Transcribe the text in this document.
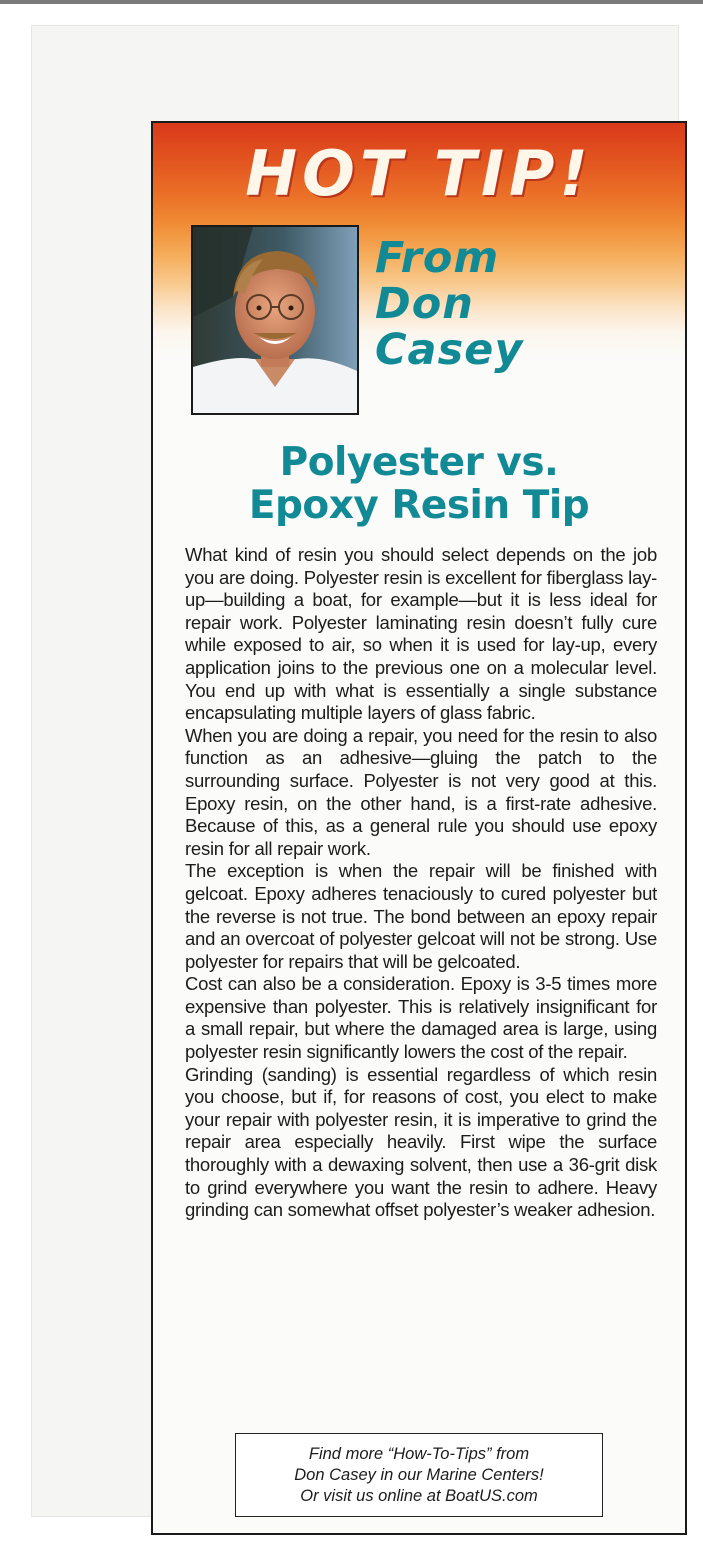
HOT TIP!
From
Don
Casey
Polyester vs.
Epoxy Resin Tip

What kind of resin you should select depends on the job you are doing. Polyester resin is excellent for fiberglass lay-up—building a boat, for example—but it is less ideal for repair work. Polyester laminating resin doesn’t fully cure while exposed to air, so when it is used for lay-up, every application joins to the previous one on a molecular level. You end up with what is essentially a single substance encapsulating multiple layers of glass fabric.

When you are doing a repair, you need for the resin to also function as an adhesive—gluing the patch to the surrounding surface. Polyester is not very good at this. Epoxy resin, on the other hand, is a first-rate adhesive. Because of this, as a general rule you should use epoxy resin for all repair work.

The exception is when the repair will be finished with gelcoat. Epoxy adheres tenaciously to cured polyester but the reverse is not true. The bond between an epoxy repair and an overcoat of polyester gelcoat will not be strong. Use polyester for repairs that will be gelcoated.

Cost can also be a consideration. Epoxy is 3-5 times more expensive than polyester. This is relatively insignificant for a small repair, but where the damaged area is large, using polyester resin significantly lowers the cost of the repair.

Grinding (sanding) is essential regardless of which resin you choose, but if, for reasons of cost, you elect to make your repair with polyester resin, it is imperative to grind the repair area especially heavily. First wipe the surface thoroughly with a dewaxing solvent, then use a 36-grit disk to grind everywhere you want the resin to adhere. Heavy grinding can somewhat offset polyester’s weaker adhesion.

Find more “How-To-Tips” from
Don Casey in our Marine Centers!
Or visit us online at BoatUS.com
